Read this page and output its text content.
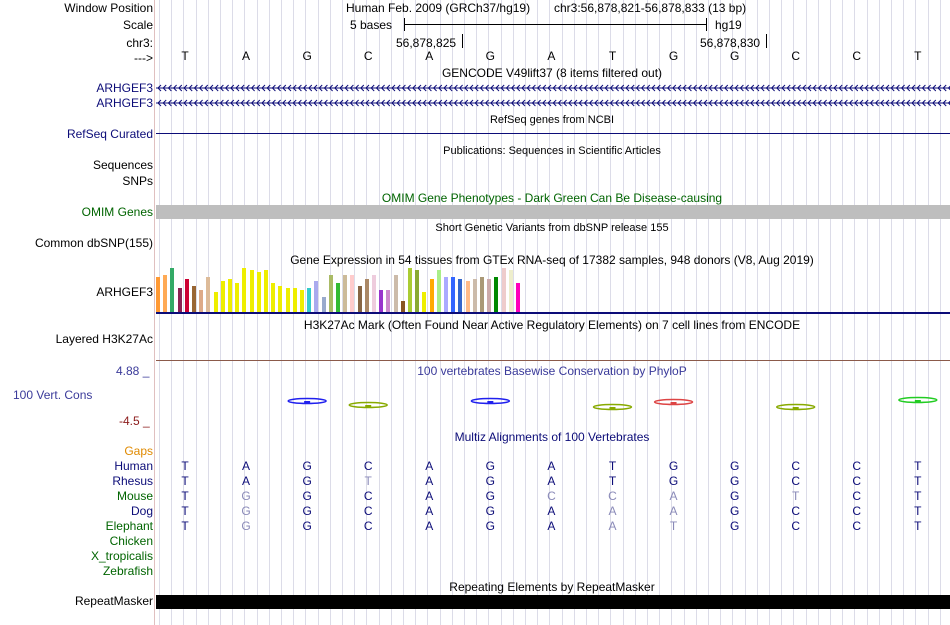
Window Position
Scale
chr3:
--->
Human Feb. 2009 (GRCh37/hg19) chr3:56,878,821-56,878,833 (13 bp)
5 bases	hg19
56,878,825	56,878,830
GENCODE V49lift37 (8 items filtered out)
ARHGEF3
ARHGEF3
RefSeq genes from NCBI
RefSeq Curated
Publications: Sequences in Scientific Articles
Sequences
SNPs
OMIM Gene Phenotypes - Dark Green Can Be Disease-causing
OMIM Genes
Short Genetic Variants from dbSNP release 155
Common dbSNP(155)
Gene Expression in 54 tissues from GTEx RNA-seq of 17382 samples, 948 donors (V8, Aug 2019)
ARHGEF3
H3K27Ac Mark (Often Found Near Active Regulatory Elements) on 7 cell lines from ENCODE
Layered H3K27Ac
100 vertebrates Basewise Conservation by PhyloP
4.88 _
100 Vert. Cons
-4.5 _
Multiz Alignments of 100 Vertebrates
Gaps
Human	T	A	G	C	A	G	A	T	G	G	C	C	T
Rhesus	T	A	G	T	A	G	A	T	G	G	C	C	T
Mouse	T	G	G	C	A	G	C	C	A	G	T	C	T
Dog	T	G	G	C	A	G	A	A	A	G	C	C	T
Elephant	T	G	G	C	A	G	A	A	T	G	C	C	T
Chicken
X_tropicalis
Zebrafish
Repeating Elements by RepeatMasker
RepeatMasker
T	A	G	C	A	G	A	T	G	G	C	C	T
